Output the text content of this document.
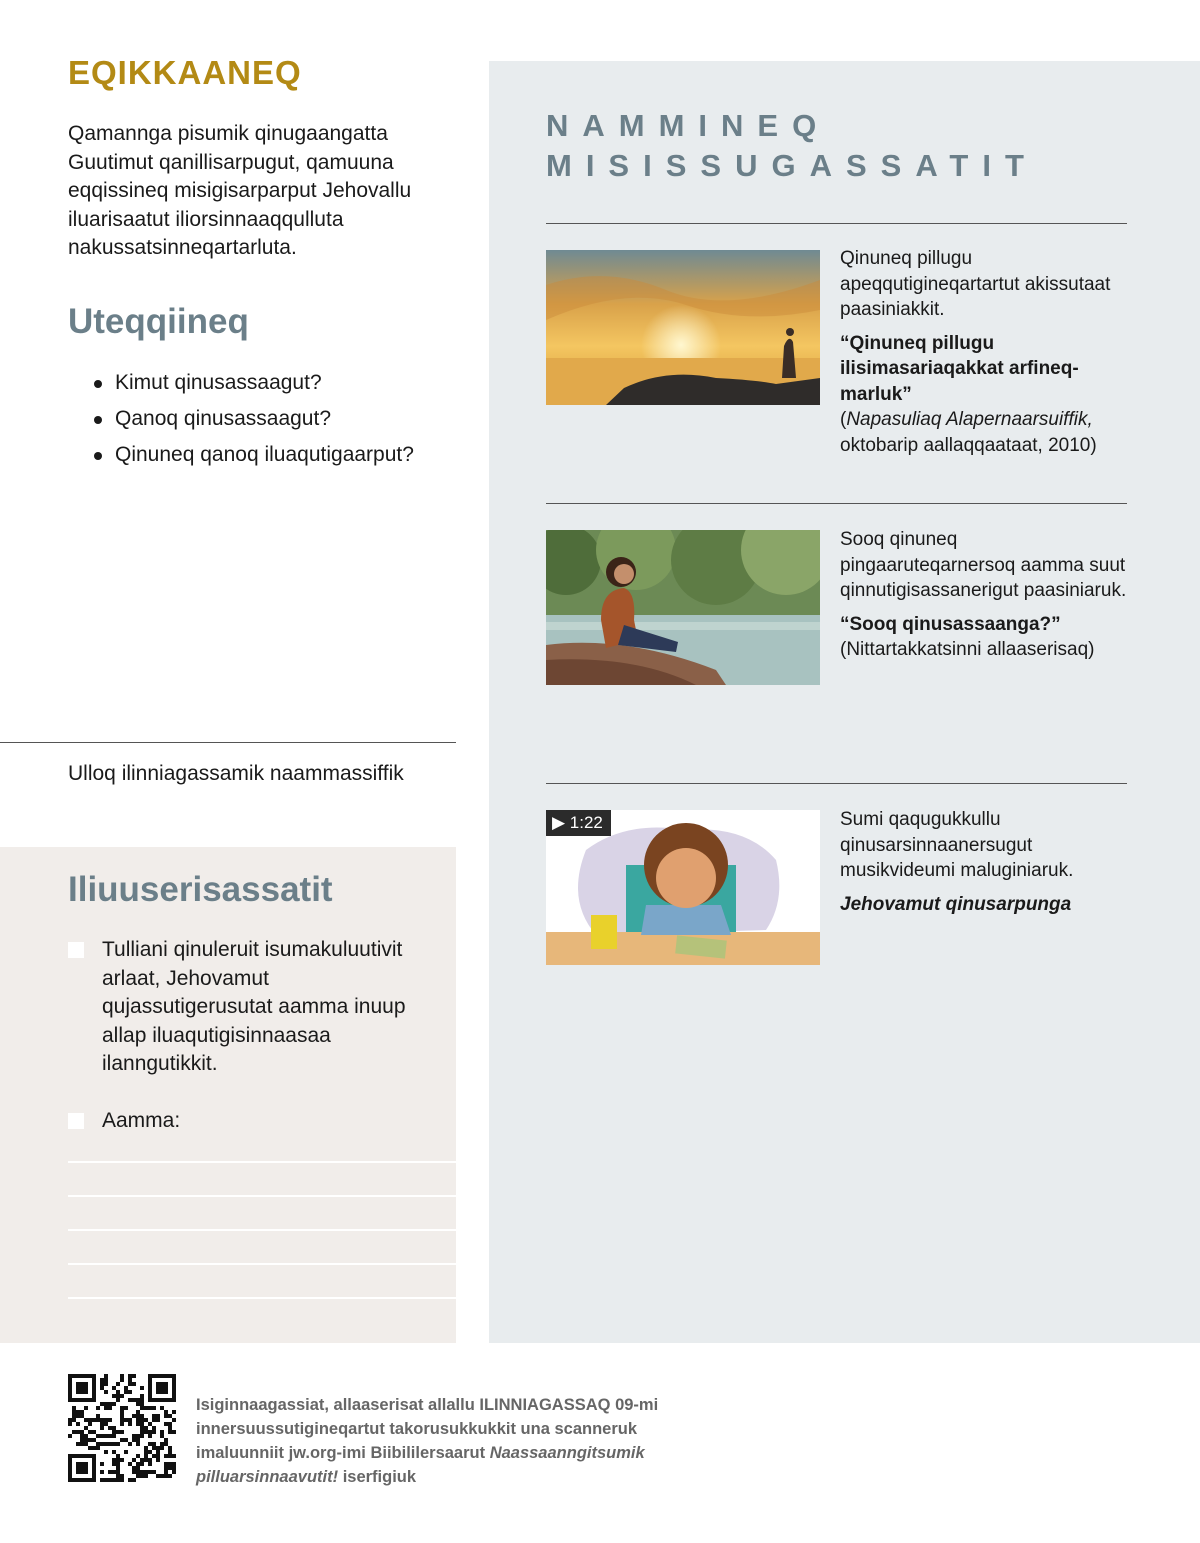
EQIKKAANEQ

Qamannga pisumik qinugaangatta Guutimut qanillisarpugut, qamuuna eqqissineq misigisarparput Jehovallu iluarisaatut iliorsinnaaqqulluta nakussatsinneqartarluta.

Uteqqiineq
Kimut qinusassaagut?
Qanoq qinusassaagut?
Qinuneq qanoq iluaqutigaarput?

Ulloq ilinniagassamik naammassiffik

Iliuuserisassatit
Tulliani qinuleruit isumakuluutivit arlaat, Jehovamut qujassutigerusutat aamma inuup allap iluaqutigisinnaasaa ilanngutikkit.
Aamma:
NAMMINEQ
MISISSUGASSATIT

Qinuneq pillugu apeqqutigineqartartut akissutaat paasiniakkit.

“Qinuneq pillugu ilisimasariaqakkat arfineq-marluk”

(Napasuliaq Alapernaarsuiffik,
oktobarip aallaqqaataat, 2010)

Sooq qinuneq pingaaruteqarnersoq aamma suut qinnutigisassanerigut paasiniaruk.

“Sooq qinusassaanga?”

(Nittartakkatsinni allaaserisaq)

▶ 1:22	Sumi qaqugukkullu qinusarsinnaanersugut musikvideumi maluginiaruk.

Jehovamut qinusarpunga

Isiginnaagassiat, allaaserisat allallu ILINNIAGASSAQ 09-mi innersuussutigineqartut takorusukkukkit una scanneruk imaluunniit jw.org-imi Biibililersaarut Naassaanngitsumik pilluarsinnaavutit! iserfigiuk
